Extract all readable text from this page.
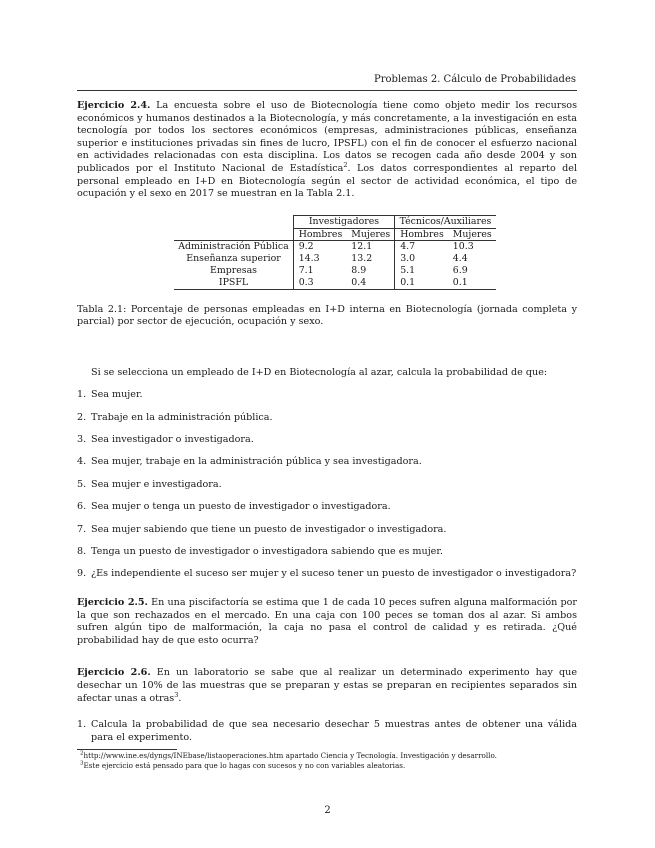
Problemas 2. Cálculo de Probabilidades

Ejercicio 2.4. La encuesta sobre el uso de Biotecnología tiene como objeto medir los recursos económicos y humanos destinados a la Biotecnología, y más concretamente, a la investigación en esta tecnología por todos los sectores económicos (empresas, administraciones públicas, enseñanza superior e instituciones privadas sin fines de lucro, IPSFL) con el fin de conocer el esfuerzo nacional en actividades relacionadas con esta disciplina. Los datos se recogen cada año desde 2004 y son publicados por el Instituto Nacional de Estadística$^2$. Los datos correspondientes al reparto del personal empleado en I+D en Biotecnología según el sector de actividad económica, el tipo de ocupación y el sexo en 2017 se muestran en la Tabla 2.1.

	Investigadores		Técnicos/Auxiliares	
	Hombres	Mujeres	Hombres	Mujeres
Administración Pública	9.2	12.1	4.7	10.3
Enseñanza superior	14.3	13.2	3.0	4.4
Empresas	7.1	8.9	5.1	6.9
IPSFL	0.3	0.4	0.1	0.1

Tabla 2.1: Porcentaje de personas empleadas en I+D interna en Biotecnología (jornada completa y parcial) por sector de ejecución, ocupación y sexo.

Si se selecciona un empleado de I+D en Biotecnología al azar, calcula la probabilidad de que:

1. Sea mujer.
2. Trabaje en la administración pública.
3. Sea investigador o investigadora.
4. Sea mujer, trabaje en la administración pública y sea investigadora.
5. Sea mujer e investigadora.
6. Sea mujer o tenga un puesto de investigador o investigadora.
7. Sea mujer sabiendo que tiene un puesto de investigador o investigadora.
8. Tenga un puesto de investigador o investigadora sabiendo que es mujer.
9. ¿Es independiente el suceso ser mujer y el suceso tener un puesto de investigador o investigadora?

Ejercicio 2.5. En una piscifactoría se estima que 1 de cada 10 peces sufren alguna malformación por la que son rechazados en el mercado. En una caja con 100 peces se toman dos al azar. Si ambos sufren algún tipo de malformación, la caja no pasa el control de calidad y es retirada. ¿Qué probabilidad hay de que esto ocurra?

Ejercicio 2.6. En un laboratorio se sabe que al realizar un determinado experimento hay que desechar un 10% de las muestras que se preparan y estas se preparan en recipientes separados sin afectar unas a otras$^3$.

1. Calcula la probabilidad de que sea necesario desechar 5 muestras antes de obtener una válida para el experimento.
$^2$http://www.ine.es/dyngs/INEbase/listaoperaciones.htm apartado Ciencia y Tecnología. Investigación y desarrollo.
$^3$Este ejercicio está pensado para que lo hagas con sucesos y no con variables aleatorias.
2
